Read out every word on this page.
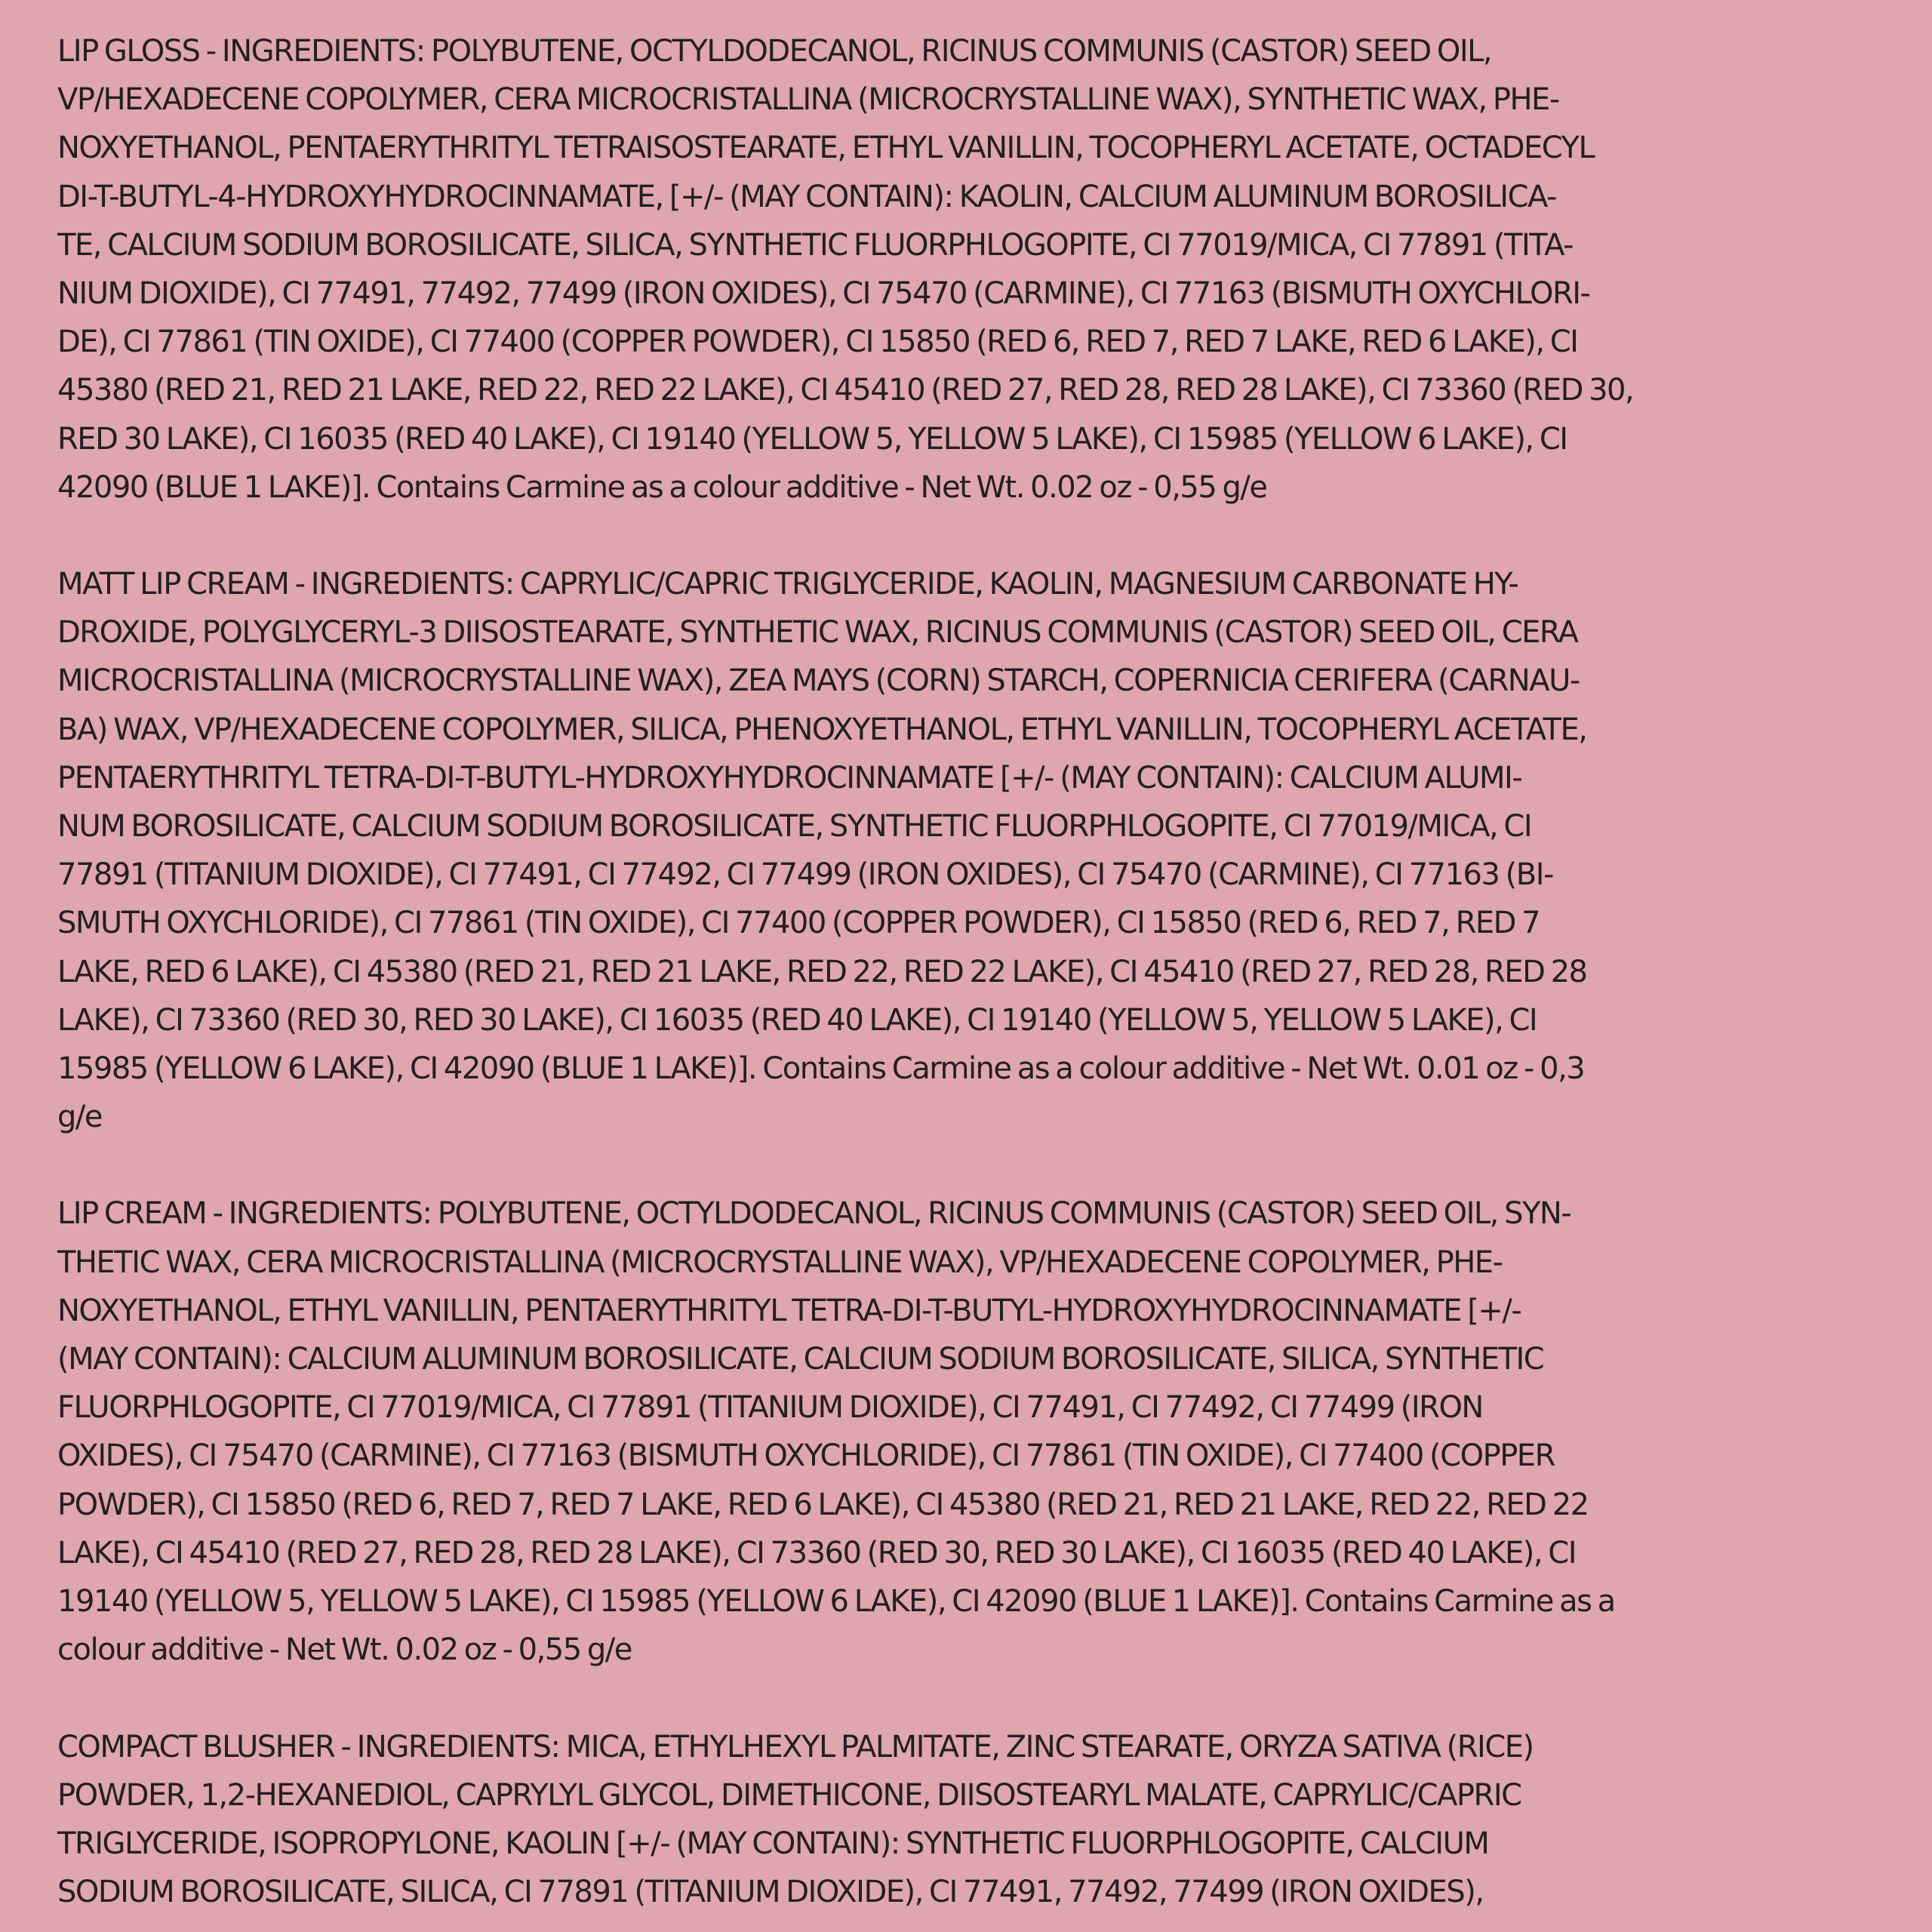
LIP GLOSS - INGREDIENTS: POLYBUTENE, OCTYLDODECANOL, RICINUS COMMUNIS (CASTOR) SEED OIL,
VP/HEXADECENE COPOLYMER, CERA MICROCRISTALLINA (MICROCRYSTALLINE WAX), SYNTHETIC WAX, PHE-
NOXYETHANOL, PENTAERYTHRITYL TETRAISOSTEARATE, ETHYL VANILLIN, TOCOPHERYL ACETATE, OCTADECYL
DI-T-BUTYL-4-HYDROXYHYDROCINNAMATE, [+/- (MAY CONTAIN): KAOLIN, CALCIUM ALUMINUM BOROSILICA-
TE, CALCIUM SODIUM BOROSILICATE, SILICA, SYNTHETIC FLUORPHLOGOPITE, CI 77019/MICA, CI 77891 (TITA-
NIUM DIOXIDE), CI 77491, 77492, 77499 (IRON OXIDES), CI 75470 (CARMINE), CI 77163 (BISMUTH OXYCHLORI-
DE), CI 77861 (TIN OXIDE), CI 77400 (COPPER POWDER), CI 15850 (RED 6, RED 7, RED 7 LAKE, RED 6 LAKE), CI
45380 (RED 21, RED 21 LAKE, RED 22, RED 22 LAKE), CI 45410 (RED 27, RED 28, RED 28 LAKE), CI 73360 (RED 30,
RED 30 LAKE), CI 16035 (RED 40 LAKE), CI 19140 (YELLOW 5, YELLOW 5 LAKE), CI 15985 (YELLOW 6 LAKE), CI
42090 (BLUE 1 LAKE)]. Contains Carmine as a colour additive - Net Wt. 0.02 oz - 0,55 g/e
MATT LIP CREAM - INGREDIENTS: CAPRYLIC/CAPRIC TRIGLYCERIDE, KAOLIN, MAGNESIUM CARBONATE HY-
DROXIDE, POLYGLYCERYL-3 DIISOSTEARATE, SYNTHETIC WAX, RICINUS COMMUNIS (CASTOR) SEED OIL, CERA
MICROCRISTALLINA (MICROCRYSTALLINE WAX), ZEA MAYS (CORN) STARCH, COPERNICIA CERIFERA (CARNAU-
BA) WAX, VP/HEXADECENE COPOLYMER, SILICA, PHENOXYETHANOL, ETHYL VANILLIN, TOCOPHERYL ACETATE,
PENTAERYTHRITYL TETRA-DI-T-BUTYL-HYDROXYHYDROCINNAMATE [+/- (MAY CONTAIN): CALCIUM ALUMI-
NUM BOROSILICATE, CALCIUM SODIUM BOROSILICATE, SYNTHETIC FLUORPHLOGOPITE, CI 77019/MICA, CI
77891 (TITANIUM DIOXIDE), CI 77491, CI 77492, CI 77499 (IRON OXIDES), CI 75470 (CARMINE), CI 77163 (BI-
SMUTH OXYCHLORIDE), CI 77861 (TIN OXIDE), CI 77400 (COPPER POWDER), CI 15850 (RED 6, RED 7, RED 7
LAKE, RED 6 LAKE), CI 45380 (RED 21, RED 21 LAKE, RED 22, RED 22 LAKE), CI 45410 (RED 27, RED 28, RED 28
LAKE), CI 73360 (RED 30, RED 30 LAKE), CI 16035 (RED 40 LAKE), CI 19140 (YELLOW 5, YELLOW 5 LAKE), CI
15985 (YELLOW 6 LAKE), CI 42090 (BLUE 1 LAKE)]. Contains Carmine as a colour additive - Net Wt. 0.01 oz - 0,3
g/e
LIP CREAM - INGREDIENTS: POLYBUTENE, OCTYLDODECANOL, RICINUS COMMUNIS (CASTOR) SEED OIL, SYN-
THETIC WAX, CERA MICROCRISTALLINA (MICROCRYSTALLINE WAX), VP/HEXADECENE COPOLYMER, PHE-
NOXYETHANOL, ETHYL VANILLIN, PENTAERYTHRITYL TETRA-DI-T-BUTYL-HYDROXYHYDROCINNAMATE [+/-
(MAY CONTAIN): CALCIUM ALUMINUM BOROSILICATE, CALCIUM SODIUM BOROSILICATE, SILICA, SYNTHETIC
FLUORPHLOGOPITE, CI 77019/MICA, CI 77891 (TITANIUM DIOXIDE), CI 77491, CI 77492, CI 77499 (IRON
OXIDES), CI 75470 (CARMINE), CI 77163 (BISMUTH OXYCHLORIDE), CI 77861 (TIN OXIDE), CI 77400 (COPPER
POWDER), CI 15850 (RED 6, RED 7, RED 7 LAKE, RED 6 LAKE), CI 45380 (RED 21, RED 21 LAKE, RED 22, RED 22
LAKE), CI 45410 (RED 27, RED 28, RED 28 LAKE), CI 73360 (RED 30, RED 30 LAKE), CI 16035 (RED 40 LAKE), CI
19140 (YELLOW 5, YELLOW 5 LAKE), CI 15985 (YELLOW 6 LAKE), CI 42090 (BLUE 1 LAKE)]. Contains Carmine as a
colour additive - Net Wt. 0.02 oz - 0,55 g/e
COMPACT BLUSHER - INGREDIENTS: MICA, ETHYLHEXYL PALMITATE, ZINC STEARATE, ORYZA SATIVA (RICE)
POWDER, 1,2-HEXANEDIOL, CAPRYLYL GLYCOL, DIMETHICONE, DIISOSTEARYL MALATE, CAPRYLIC/CAPRIC
TRIGLYCERIDE, ISOPROPYLONE, KAOLIN [+/- (MAY CONTAIN): SYNTHETIC FLUORPHLOGOPITE, CALCIUM
SODIUM BOROSILICATE, SILICA, CI 77891 (TITANIUM DIOXIDE), CI 77491, 77492, 77499 (IRON OXIDES),
